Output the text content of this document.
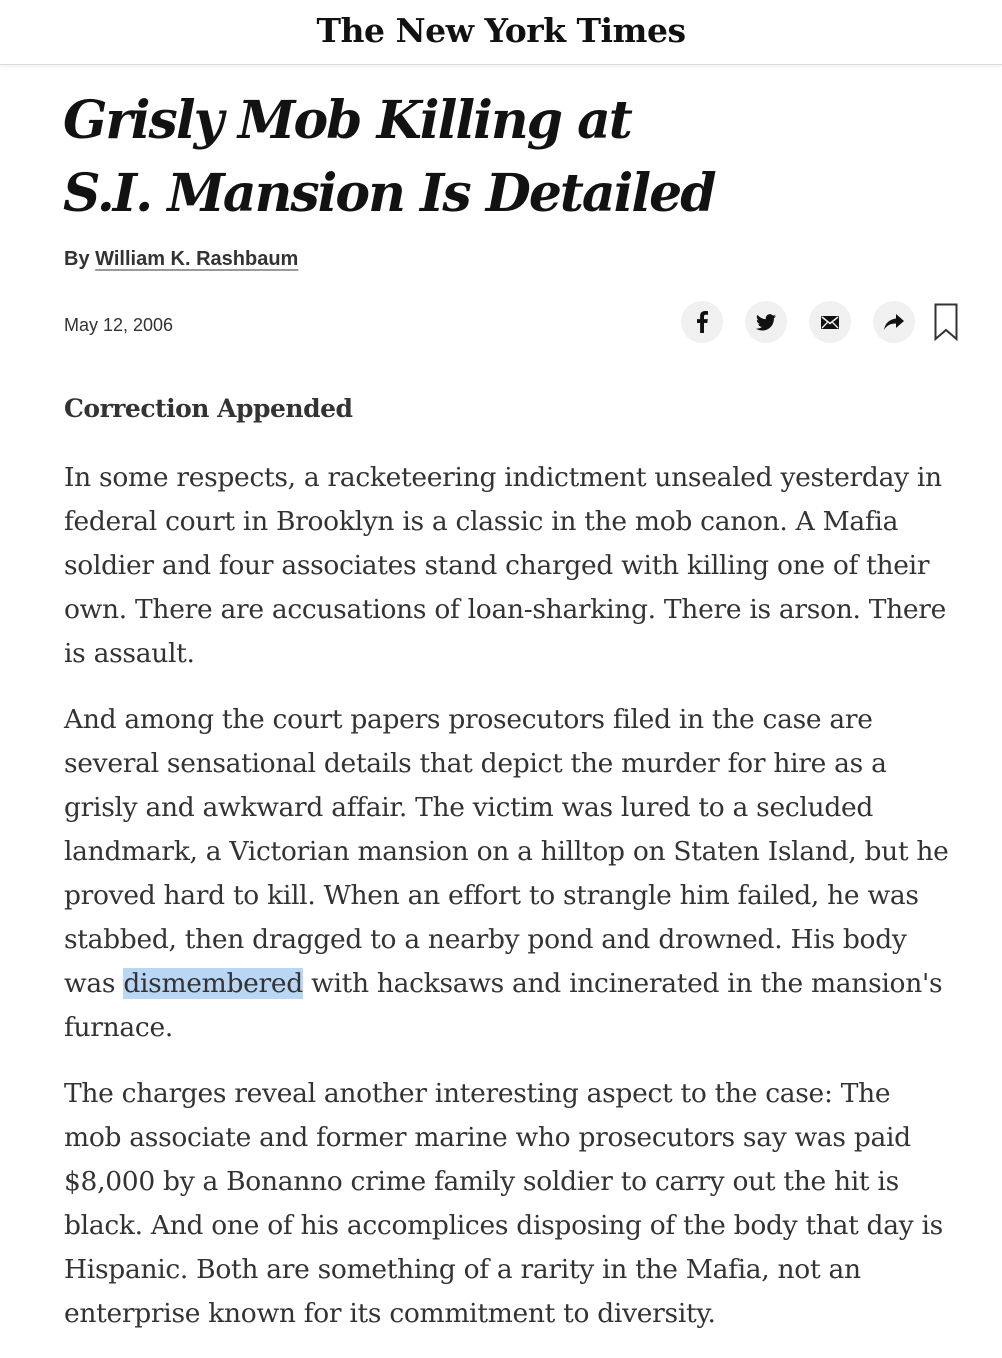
The New York Times
Grisly Mob Killing at
S.I. Mansion Is Detailed
By William K. Rashbaum
May 12, 2006
Correction Appended

In some respects, a racketeering indictment unsealed yesterday in
federal court in Brooklyn is a classic in the mob canon. A Mafia
soldier and four associates stand charged with killing one of their
own. There are accusations of loan-sharking. There is arson. There
is assault.

And among the court papers prosecutors filed in the case are
several sensational details that depict the murder for hire as a
grisly and awkward affair. The victim was lured to a secluded
landmark, a Victorian mansion on a hilltop on Staten Island, but he
proved hard to kill. When an effort to strangle him failed, he was
stabbed, then dragged to a nearby pond and drowned. His body
was dismembered with hacksaws and incinerated in the mansion's
furnace.

The charges reveal another interesting aspect to the case: The
mob associate and former marine who prosecutors say was paid
$8,000 by a Bonanno crime family soldier to carry out the hit is
black. And one of his accomplices disposing of the body that day is
Hispanic. Both are something of a rarity in the Mafia, not an
enterprise known for its commitment to diversity.
